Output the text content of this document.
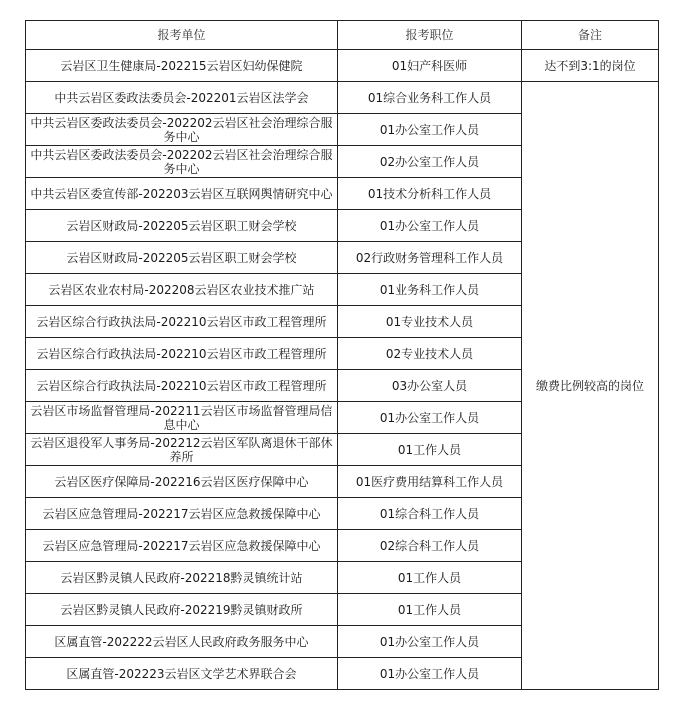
报考单位	报考职位	备注
云岩区卫生健康局-202215云岩区妇幼保健院	01妇产科医师	达不到3:1的岗位
中共云岩区委政法委员会-202201云岩区法学会	01综合业务科工作人员	缴费比例较高的岗位
中共云岩区委政法委员会-202202云岩区社会治理综合服务中心	01办公室工作人员	
中共云岩区委政法委员会-202202云岩区社会治理综合服务中心	02办公室工作人员	
中共云岩区委宣传部-202203云岩区互联网舆情研究中心	01技术分析科工作人员	
云岩区财政局-202205云岩区职工财会学校	01办公室工作人员	
云岩区财政局-202205云岩区职工财会学校	02行政财务管理科工作人员	
云岩区农业农村局-202208云岩区农业技术推广站	01业务科工作人员	
云岩区综合行政执法局-202210云岩区市政工程管理所	01专业技术人员	
云岩区综合行政执法局-202210云岩区市政工程管理所	02专业技术人员	
云岩区综合行政执法局-202210云岩区市政工程管理所	03办公室人员	
云岩区市场监督管理局-202211云岩区市场监督管理局信息中心	01办公室工作人员	
云岩区退役军人事务局-202212云岩区军队离退休干部休养所	01工作人员	
云岩区医疗保障局-202216云岩区医疗保障中心	01医疗费用结算科工作人员	
云岩区应急管理局-202217云岩区应急救援保障中心	01综合科工作人员	
云岩区应急管理局-202217云岩区应急救援保障中心	02综合科工作人员	
云岩区黔灵镇人民政府-202218黔灵镇统计站	01工作人员	
云岩区黔灵镇人民政府-202219黔灵镇财政所	01工作人员	
区属直管-202222云岩区人民政府政务服务中心	01办公室工作人员	
区属直管-202223云岩区文学艺术界联合会	01办公室工作人员	
